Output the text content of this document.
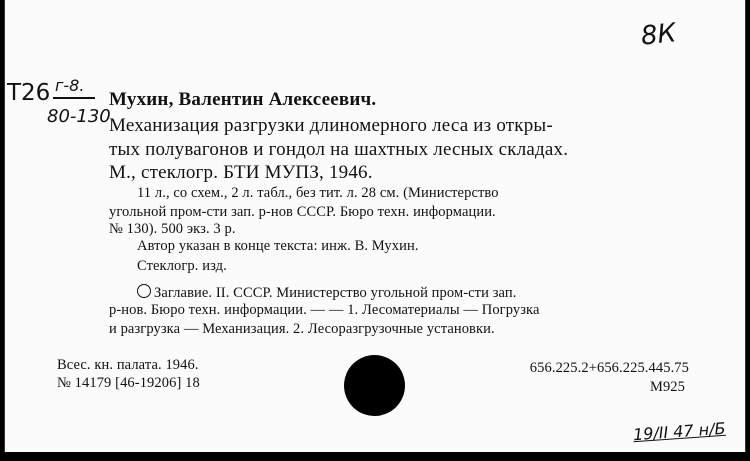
8К
Т26 г-8.
80-130
Мухин, Валентин Алексеевич.
Механизация разгрузки длиномерного леса из откры-
тых полувагонов и гондол на шахтных лесных складах.
М., стеклогр. БТИ МУПЗ, 1946.
11 л., со схем., 2 л. табл., без тит. л. 28 см. (Министерство
угольной пром-сти зап. р-нов СССР. Бюро техн. информации.
№ 130). 500 экз. 3 р.
Автор указан в конце текста: инж. В. Мухин.
Стеклогр. изд.
Заглавие. II. СССР. Министерство угольной пром-сти зап.
р-нов. Бюро техн. информации. — — 1. Лесоматериалы — Погрузка
и разгрузка — Механизация. 2. Лесоразгрузочные установки.
Всес. кн. палата. 1946.
№ 14179 [46-19206] 18
656.225.2+656.225.445.75
М925
19/II 47 н/Б
